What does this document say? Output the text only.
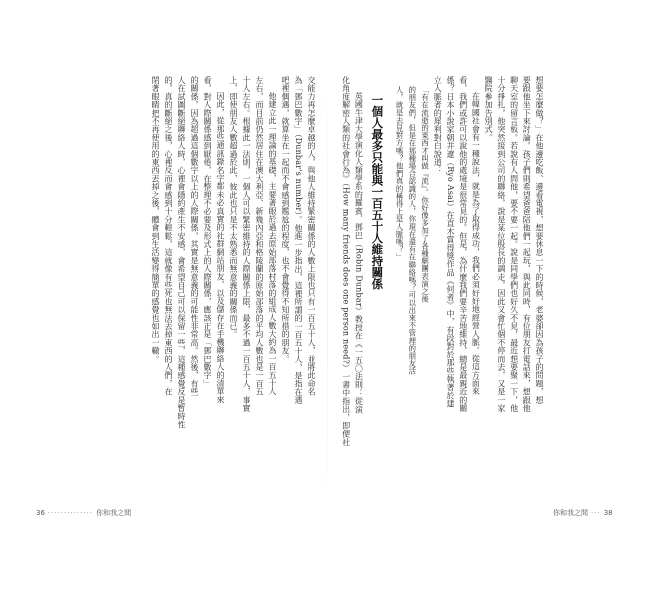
想要怎麼做？」在他邊吃飯、邊看電視，想要休息一下的時候，老婆卻因為孩子的問題，想
要跟他坐下來討論。孩子們則希望爸爸陪他們一起玩，與此同時，有位朋友打電話來，想跟他
聊天室的留言板。若說有人問他，要不要一起。說是同學們也好久不見，最近想要聚一下，他
十分掙扎，他突然接到公司的聯絡，說是某位股長的調走，因此又會忙個不停而去，又是一家
醫院參加告別式。
在韓國社會有一種說法，就是為了取得成功，我們必須好好地經營人脈。從這方面來
看，我們或許可以說他的處境是很常見的。但是，為什麼我們要辛苦地維持，總是最親近的關
係？日本小說家朝井遼（Ryo Asai）在直木賞得獎作品《何者》中，有段對於那些執著於建
立人脈者的犀利對白說道：
「有在流逝的東西才叫做『流』。你好像多加了各種劇團表演之後
的朋友們，但是在那種場合認識的人，你現在還有在聯絡嗎？可以出來不管理的朋友活
人，就是去見對方嗎？他們真的稱得上是人脈嗎？」
一個人最多只能與一百五十人維持關係
英國牛津大學演化人類學系的羅賓．鄧巴（Robin Dunbar）教授在《一五〇法則：從演
化角度解密人類的社會行為》（How many friends does one person need?）一書中指出，即便社
交能力再怎麼卓越的人，與他人維持緊密關係的人數上限也只有一百五十人，並將此命名
為「鄧巴數字」（Dunbar's number）。他進一步指出，這裡所謂的一百五十人，是指在遇
吧裡偶遇，就算坐在一起而不會感到尷尬的程度，也不會覺得不知所措的朋友。
他建立此一理論的基礎，主要著眼於過去原始部落村落的組成人數大約為一百五十人
左右，而目前仍然居住在澳大利亞、新幾內亞和格陵蘭的原始部落的平均人數也是一百五
十人左右。根據此一法則，一個人可以緊密維持的人際關係上限，最多不過一百五十人，事實
上，即使朋友人數超過於此，彼此也只是不太熟悉而無意義的關係而已。
因此，從那些通訊錄名字都未必真實的社群網站朋友、以及儲存在手機聯絡人的清單來
看，對人際關係感到厭倦，在整理不必要及形式上的人際關係，應該正是「鄧巴數字」
的關係，因為超過這個數字以上的人際關係，其實是無意義的可能性非常高。然後，有些
人在試圖斷絕聯絡人時，心裡會隱約產生不安感，會希望自己可以保留一些，這種感覺反是暫時性
的，真的斷絕之後，心裡反而會感到十分輕鬆，這就像有些死也無法丟掉東西的人們，在
閉著眼睛把不再使用的東西丟掉之後，體會到生活變得簡單的感覺也如出一轍。
36 ·············· 你和我之間	你和我之間 ··· 38
